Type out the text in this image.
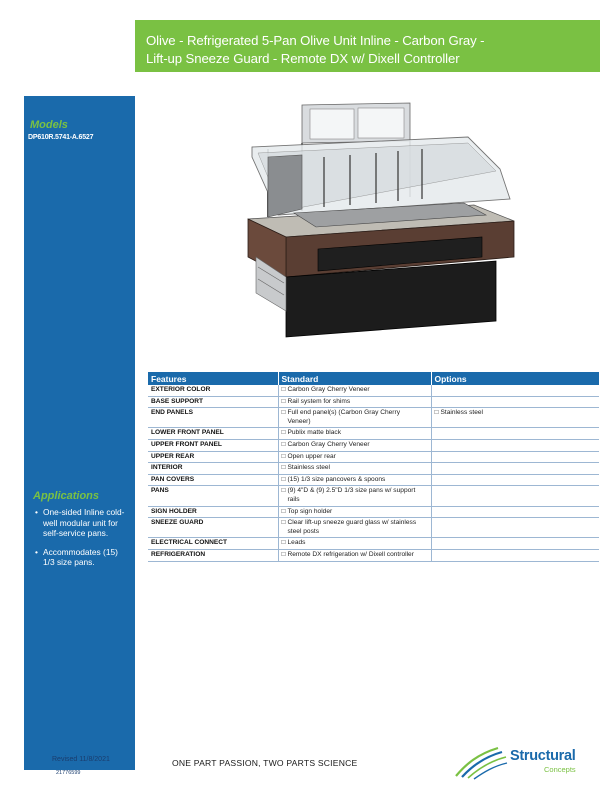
Olive - Refrigerated 5-Pan Olive Unit Inline - Carbon Gray -
Lift-up Sneeze Guard - Remote DX w/ Dixell Controller
Models
DP610R.5741-A.6527
Applications
• One-sided Inline cold-well modular unit for self-service pans.
• Accommodates (15) 1/3 size pans.
Features	Standard	Options
EXTERIOR COLOR	□ Carbon Gray Cherry Veneer	
BASE SUPPORT	□ Rail system for shims	
END PANELS	□ Full end panel(s) (Carbon Gray Cherry Veneer)	□ Stainless steel
LOWER FRONT PANEL	□ Publix matte black	
UPPER FRONT PANEL	□ Carbon Gray Cherry Veneer	
UPPER REAR	□ Open upper rear	
INTERIOR	□ Stainless steel	
PAN COVERS	□ (15) 1/3 size pancovers & spoons	
PANS	□ (9) 4"D & (9) 2.5"D 1/3 size pans w/ support rails	
SIGN HOLDER	□ Top sign holder	
SNEEZE GUARD	□ Clear lift-up sneeze guard glass w/ stainless steel posts	
ELECTRICAL CONNECT	□ Leads	
REFRIGERATION	□ Remote DX refrigeration w/ Dixell controller	
Revised 11/8/2021
21776599
ONE PART PASSION, TWO PARTS SCIENCE	Structural
Concepts
